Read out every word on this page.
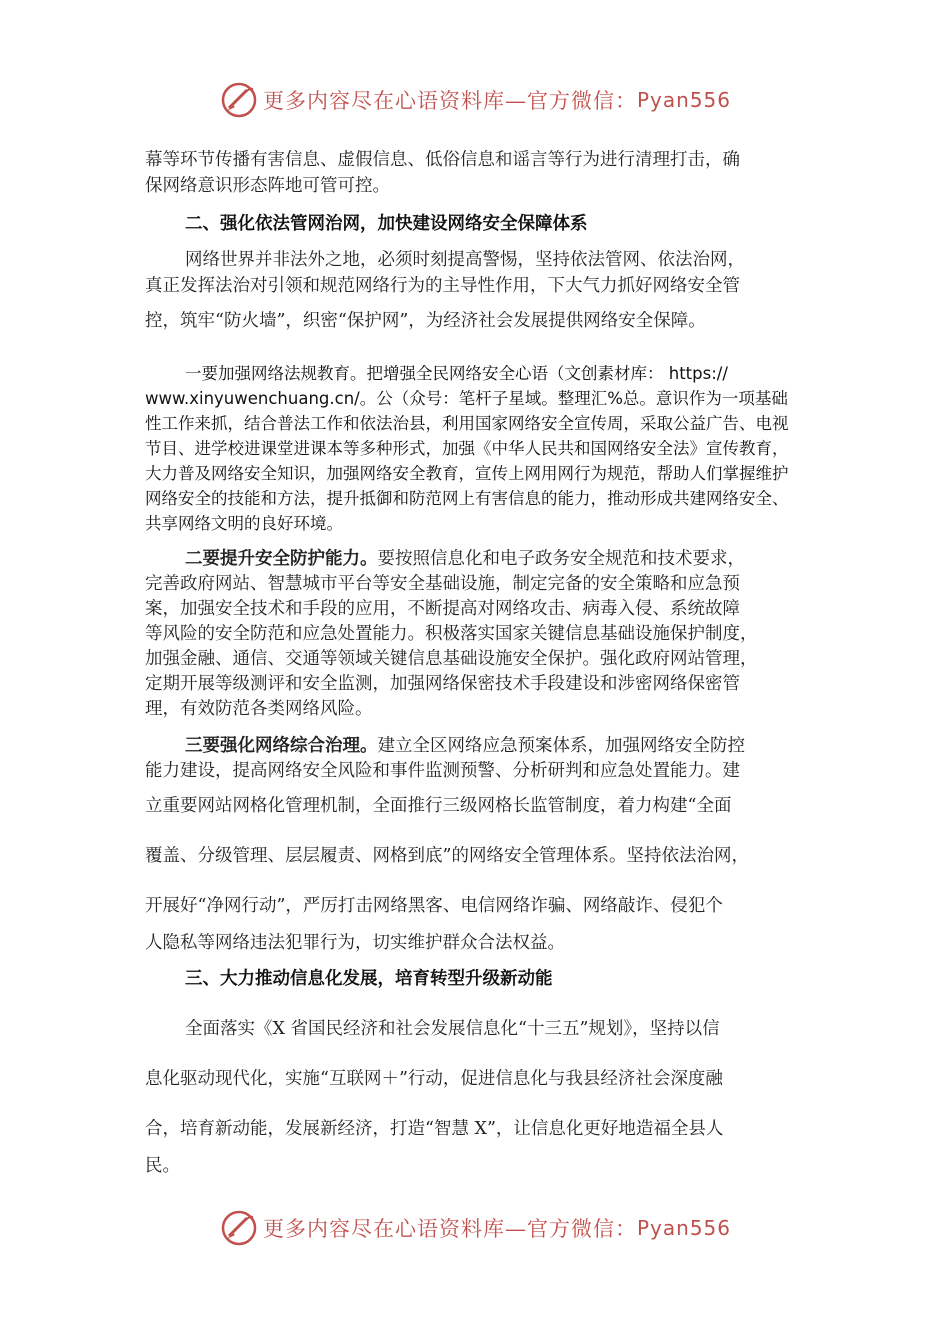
更多内容尽在心语资料库—官方微信： Pyan556
幕等环节传播有害信息、虚假信息、低俗信息和谣言等行为进行清理打击，确
保网络意识形态阵地可管可控。
二、强化依法管网治网，加快建设网络安全保障体系
网络世界并非法外之地，必须时刻提高警惕，坚持依法管网、依法治网，
真正发挥法治对引领和规范网络行为的主导性作用，下大气力抓好网络安全管
控，筑牢“防火墙”，织密“保护网”，为经济社会发展提供网络安全保障。
一要加强网络法规教育。把增强全民网络安全心语（文创素材库： https://
www.xinyuwenchuang.cn/。公（众号：笔杆子星域。整理汇%总。意识作为一项基础
性工作来抓，结合普法工作和依法治县，利用国家网络安全宣传周，采取公益广告、电视
节目、进学校进课堂进课本等多种形式，加强《中华人民共和国网络安全法》宣传教育，
大力普及网络安全知识，加强网络安全教育，宣传上网用网行为规范，帮助人们掌握维护
网络安全的技能和方法，提升抵御和防范网上有害信息的能力，推动形成共建网络安全、
共享网络文明的良好环境。
二要提升安全防护能力。要按照信息化和电子政务安全规范和技术要求，
完善政府网站、智慧城市平台等安全基础设施，制定完备的安全策略和应急预
案，加强安全技术和手段的应用，不断提高对网络攻击、病毒入侵、系统故障
等风险的安全防范和应急处置能力。积极落实国家关键信息基础设施保护制度，
加强金融、通信、交通等领域关键信息基础设施安全保护。强化政府网站管理，
定期开展等级测评和安全监测，加强网络保密技术手段建设和涉密网络保密管
理，有效防范各类网络风险。
三要强化网络综合治理。建立全区网络应急预案体系，加强网络安全防控
能力建设，提高网络安全风险和事件监测预警、分析研判和应急处置能力。建
立重要网站网格化管理机制，全面推行三级网格长监管制度，着力构建“全面
覆盖、分级管理、层层履责、网格到底”的网络安全管理体系。坚持依法治网，
开展好“净网行动”，严厉打击网络黑客、电信网络诈骗、网络敲诈、侵犯个
人隐私等网络违法犯罪行为，切实维护群众合法权益。
三、大力推动信息化发展，培育转型升级新动能
全面落实《X 省国民经济和社会发展信息化“十三五”规划》，坚持以信
息化驱动现代化，实施“互联网＋”行动，促进信息化与我县经济社会深度融
合，培育新动能，发展新经济，打造“智慧 X”，让信息化更好地造福全县人
民。
更多内容尽在心语资料库—官方微信： Pyan556
